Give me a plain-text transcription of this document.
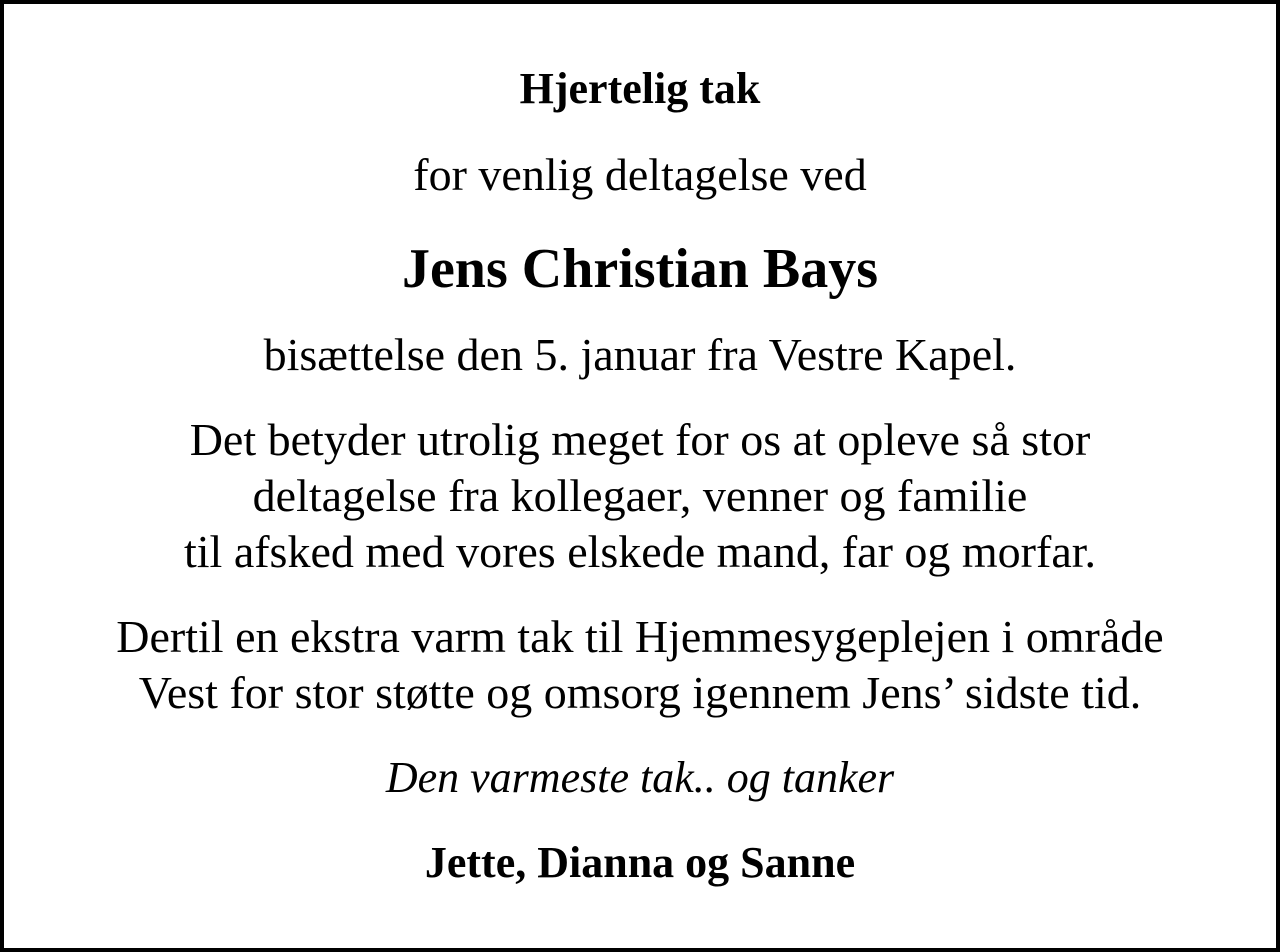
Hjertelig tak

for venlig deltagelse ved

Jens Christian Bays

bisættelse den 5. januar fra Vestre Kapel.

Det betyder utrolig meget for os at opleve så stor
deltagelse fra kollegaer, venner og familie
til afsked med vores elskede mand, far og morfar.

Dertil en ekstra varm tak til Hjemmesygeplejen i område
Vest for stor støtte og omsorg igennem Jens’ sidste tid.

Den varmeste tak.. og tanker

Jette, Dianna og Sanne
